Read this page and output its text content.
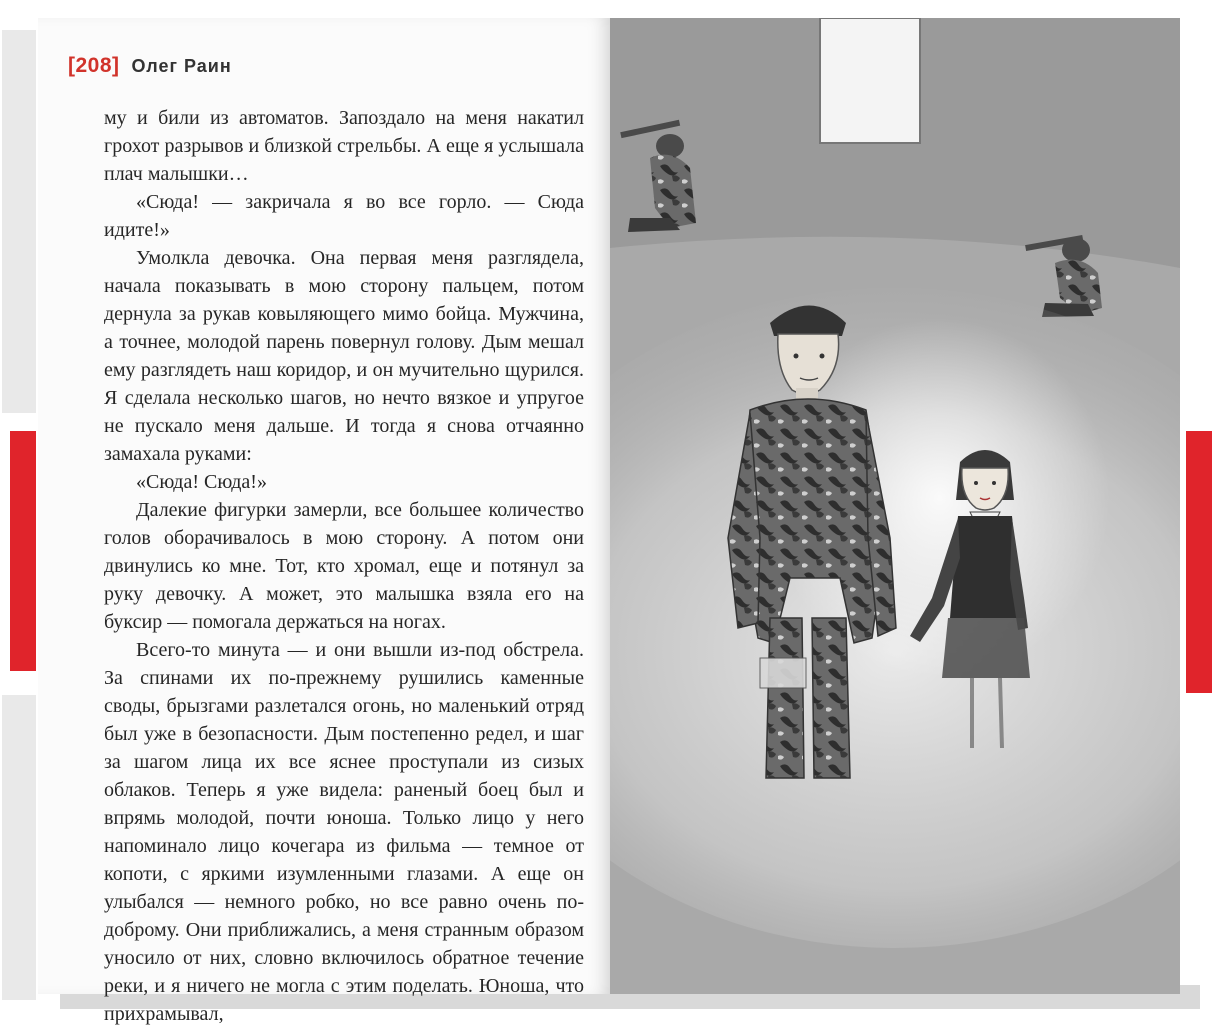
[208] Олег Раин

му и били из автоматов. Запоздало на меня накатил грохот разрывов и близкой стрельбы. А еще я услышала плач малышки…

«Сюда! — закричала я во все горло. — Сюда идите!»

Умолкла девочка. Она первая меня разглядела, начала показывать в мою сторону пальцем, потом дернула за рукав ковыляющего мимо бойца. Мужчина, а точнее, молодой парень повернул голову. Дым мешал ему разглядеть наш коридор, и он мучительно щурился. Я сделала несколько шагов, но нечто вязкое и упругое не пускало меня дальше. И тогда я снова отчаянно замахала руками:

«Сюда! Сюда!»

Далекие фигурки замерли, все большее количество голов оборачивалось в мою сторону. А потом они двинулись ко мне. Тот, кто хромал, еще и потянул за руку девочку. А может, это малышка взяла его на буксир — помогала держаться на ногах.

Всего-то минута — и они вышли из-под обстрела. За спинами их по-прежнему рушились каменные своды, брызгами разлетался огонь, но маленький отряд был уже в безопасности. Дым постепенно редел, и шаг за шагом лица их все яснее проступали из сизых облаков. Теперь я уже видела: раненый боец был и впрямь молодой, почти юноша. Только лицо у него напоминало лицо кочегара из фильма — темное от копоти, с яркими изумленными глазами. А еще он улыбался — немного робко, но все равно очень по-доброму. Они приближались, а меня странным образом уносило от них, словно включилось обратное течение реки, и я ничего не могла с этим поделать. Юноша, что прихрамывал,
